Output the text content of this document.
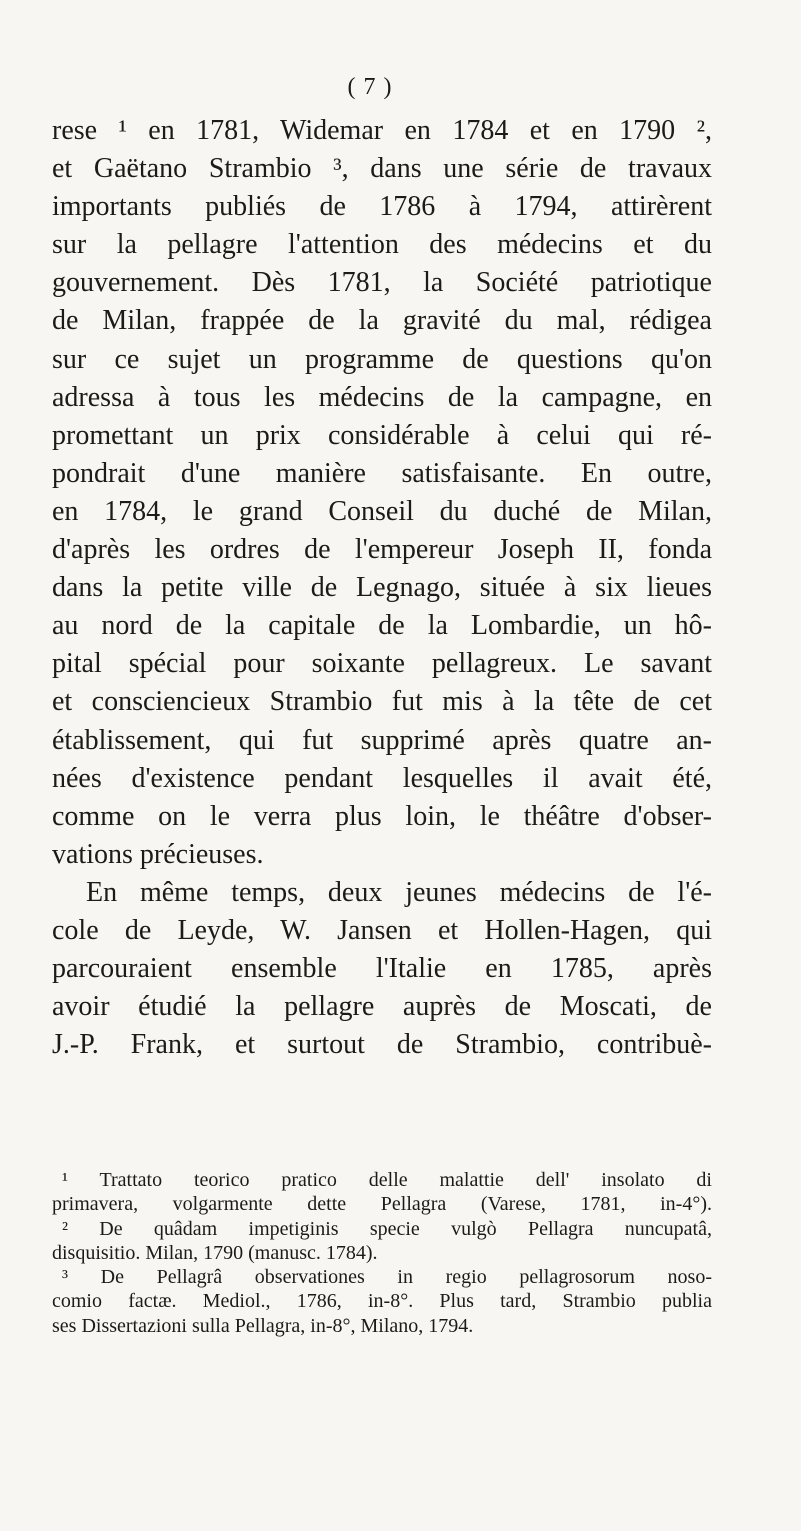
( 7 )
rese ¹ en 1781, Widemar en 1784 et en 1790 ²,
et Gaëtano Strambio ³, dans une série de travaux
importants publiés de 1786 à 1794, attirèrent
sur la pellagre l'attention des médecins et du
gouvernement. Dès 1781, la Société patriotique
de Milan, frappée de la gravité du mal, rédigea
sur ce sujet un programme de questions qu'on
adressa à tous les médecins de la campagne, en
promettant un prix considérable à celui qui ré-
pondrait d'une manière satisfaisante. En outre,
en 1784, le grand Conseil du duché de Milan,
d'après les ordres de l'empereur Joseph II, fonda
dans la petite ville de Legnago, située à six lieues
au nord de la capitale de la Lombardie, un hô-
pital spécial pour soixante pellagreux. Le savant
et consciencieux Strambio fut mis à la tête de cet
établissement, qui fut supprimé après quatre an-
nées d'existence pendant lesquelles il avait été,
comme on le verra plus loin, le théâtre d'obser-
vations précieuses.
En même temps, deux jeunes médecins de l'é-
cole de Leyde, W. Jansen et Hollen-Hagen, qui
parcouraient ensemble l'Italie en 1785, après
avoir étudié la pellagre auprès de Moscati, de
J.-P. Frank, et surtout de Strambio, contribuè-
¹ Trattato teorico pratico delle malattie dell' insolato di
primavera, volgarmente dette Pellagra (Varese, 1781, in-4°).
² De quâdam impetiginis specie vulgò Pellagra nuncupatâ,
disquisitio. Milan, 1790 (manusc. 1784).
³ De Pellagrâ observationes in regio pellagrosorum noso-
comio factæ. Mediol., 1786, in-8°. Plus tard, Strambio publia
ses Dissertazioni sulla Pellagra, in-8°, Milano, 1794.
